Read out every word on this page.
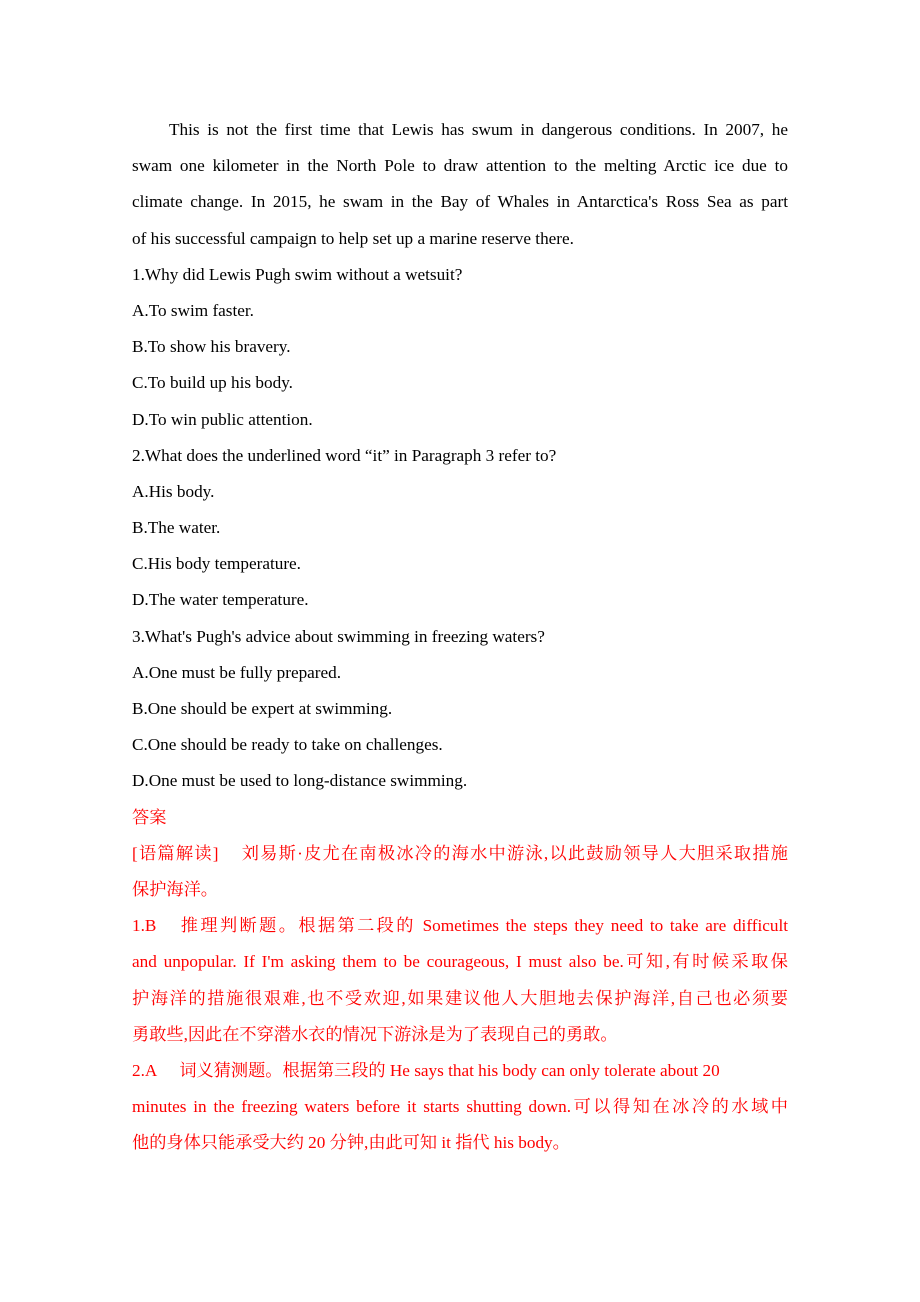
This is not the first time that Lewis has swum in dangerous conditions. In 2007, he
swam one kilometer in the North Pole to draw attention to the melting Arctic ice due to
climate change. In 2015, he swam in the Bay of Whales in Antarctica's Ross Sea as part
of his successful campaign to help set up a marine reserve there.
1.Why did Lewis Pugh swim without a wetsuit?
A.To swim faster.
B.To show his bravery.
C.To build up his body.
D.To win public attention.
2.What does the underlined word “it” in Paragraph 3 refer to?
A.His body.
B.The water.
C.His body temperature.
D.The water temperature.
3.What's Pugh's advice about swimming in freezing waters?
A.One must be fully prepared.
B.One should be expert at swimming.
C.One should be ready to take on challenges.
D.One must be used to long-distance swimming.
答案
[语篇解读] 刘易斯·皮尤在南极冰冷的海水中游泳,以此鼓励领导人大胆采取措施
保护海洋。
1.B 推理判断题。根据第二段的 Sometimes the steps they need to take are difficult
and unpopular. If I'm asking them to be courageous, I must also be.可知,有时候采取保
护海洋的措施很艰难,也不受欢迎,如果建议他人大胆地去保护海洋,自己也必须要
勇敢些,因此在不穿潜水衣的情况下游泳是为了表现自己的勇敢。
2.A 词义猜测题。根据第三段的 He says that his body can only tolerate about 20
minutes in the freezing waters before it starts shutting down.可以得知在冰冷的水域中
他的身体只能承受大约 20 分钟,由此可知 it 指代 his body。
